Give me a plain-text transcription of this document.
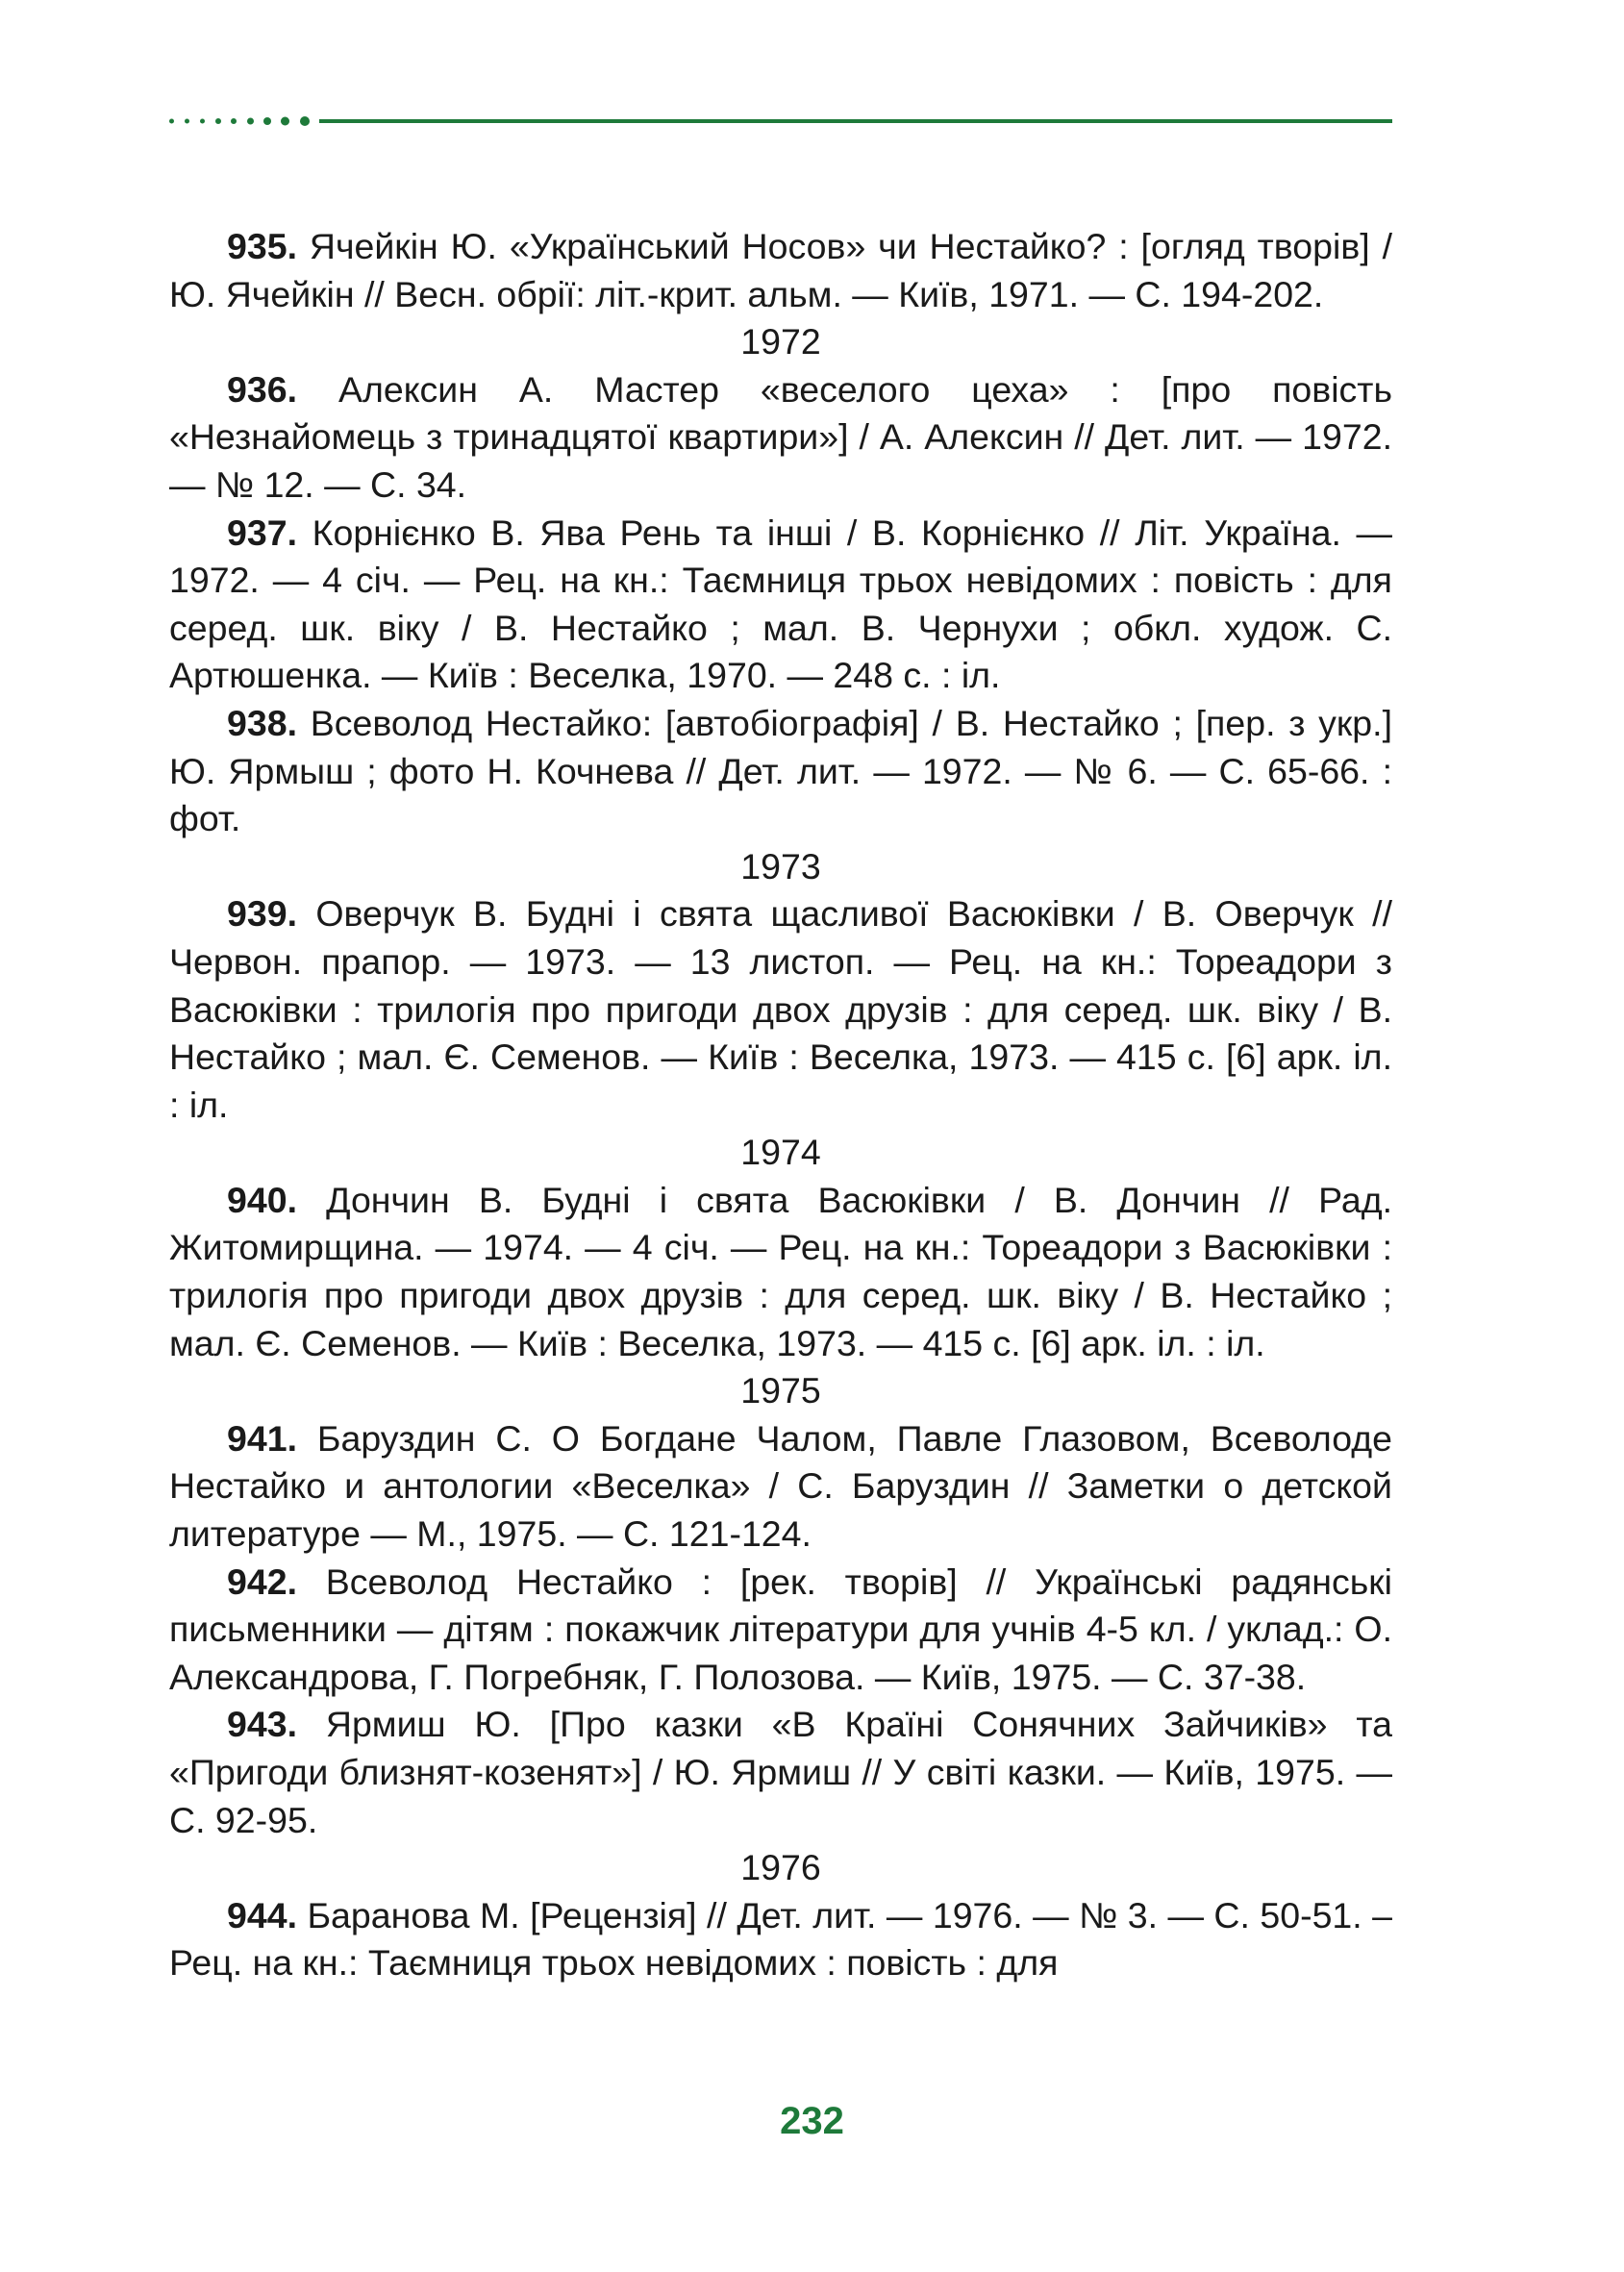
935. Ячейкін Ю. «Український Носов» чи Нестайко? : [огляд творів] / Ю. Ячейкін // Весн. обрії: літ.-крит. альм. — Київ, 1971. — С. 194-202.

1972

936. Алексин А. Мастер «веселого цеха» : [про повість «Незнайомець з тринадцятої квартири»] / А. Алексин // Дет. лит. — 1972. — № 12. — С. 34.

937. Корнієнко В. Ява Рень та інші / В. Корнієнко // Літ. Україна. — 1972. — 4 січ. — Рец. на кн.: Таємниця трьох невідомих : повість : для серед. шк. віку / В. Нестайко ; мал. В. Чернухи ; обкл. худож. С. Артюшенка. — Київ : Веселка, 1970. — 248 с. : іл.

938. Всеволод Нестайко: [автобіографія] / В. Нестайко ; [пер. з укр.] Ю. Ярмыш ; фото Н. Кочнева // Дет. лит. — 1972. — № 6. — С. 65-66. : фот.

1973

939. Оверчук В. Будні і свята щасливої Васюківки / В. Оверчук // Червон. прапор. — 1973. — 13 листоп. — Рец. на кн.: Тореадори з Васюківки : трилогія про пригоди двох друзів : для серед. шк. віку / В. Нестайко ; мал. Є. Семенов. — Київ : Веселка, 1973. — 415 с. [6] арк. іл. : іл.

1974

940. Дончин В. Будні і свята Васюківки / В. Дончин // Рад. Житомирщина. — 1974. — 4 січ. — Рец. на кн.: Тореадори з Васюківки : трилогія про пригоди двох друзів : для серед. шк. віку / В. Нестайко ; мал. Є. Семенов. — Київ : Веселка, 1973. — 415 с. [6] арк. іл. : іл.

1975

941. Баруздин С. О Богдане Чалом, Павле Глазовом, Всеволоде Нестайко и антологии «Веселка» / С. Баруздин // Заметки о детской литературе — М., 1975. — С. 121-124.

942. Всеволод Нестайко : [рек. творів] // Українські радянські письменники — дітям : покажчик літератури для учнів 4-5 кл. / уклад.: О. Александрова, Г. Погребняк, Г. Полозова. — Київ, 1975. — С. 37-38.

943. Ярмиш Ю. [Про казки «В Країні Сонячних Зайчиків» та «Пригоди близнят-козенят»] / Ю. Ярмиш // У світі казки. — Київ, 1975. — С. 92-95.

1976

944. Баранова М. [Рецензія] // Дет. лит. — 1976. — № 3. — С. 50-51. – Рец. на кн.: Таємниця трьох невідомих : повість : для

232
